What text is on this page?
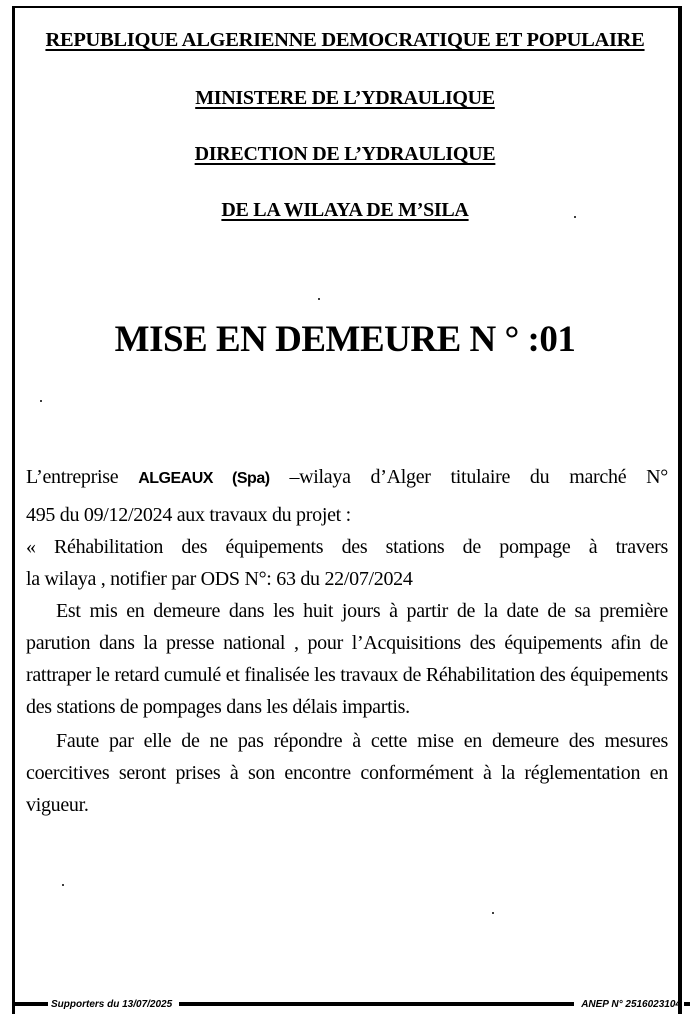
REPUBLIQUE ALGERIENNE DEMOCRATIQUE ET POPULAIRE
MINISTERE DE L’YDRAULIQUE
DIRECTION DE L’YDRAULIQUE
DE LA WILAYA DE M’SILA
MISE EN DEMEURE N ° :01
L’entreprise ALGEAUX (Spa) –wilaya d’Alger titulaire du marché N°
495 du 09/12/2024 aux travaux du projet :
« Réhabilitation des équipements des stations de pompage à travers
la wilaya , notifier par ODS N°: 63 du 22/07/2024
Est mis en demeure dans les huit jours à partir de la date de sa première parution dans la presse national , pour l’Acquisitions des équipements afin de rattraper le retard cumulé et finalisée les travaux de Réhabilitation des équipements des stations de pompages dans les délais impartis.
Faute par elle de ne pas répondre à cette mise en demeure des mesures coercitives seront prises à son encontre conformément à la réglementation en vigueur.
Supporters du 13/07/2025	ANEP N° 2516023104
